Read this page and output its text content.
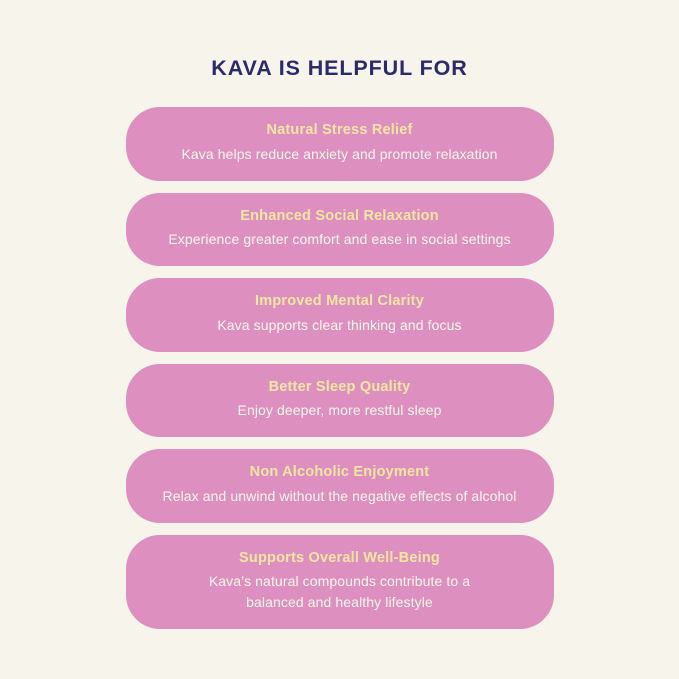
KAVA IS HELPFUL FOR
Natural Stress Relief
Kava helps reduce anxiety and promote relaxation
Enhanced Social Relaxation
Experience greater comfort and ease in social settings
Improved Mental Clarity
Kava supports clear thinking and focus
Better Sleep Quality
Enjoy deeper, more restful sleep
Non Alcoholic Enjoyment
Relax and unwind without the negative effects of alcohol
Supports Overall Well-Being
Kava’s natural compounds contribute to a
balanced and healthy lifestyle
